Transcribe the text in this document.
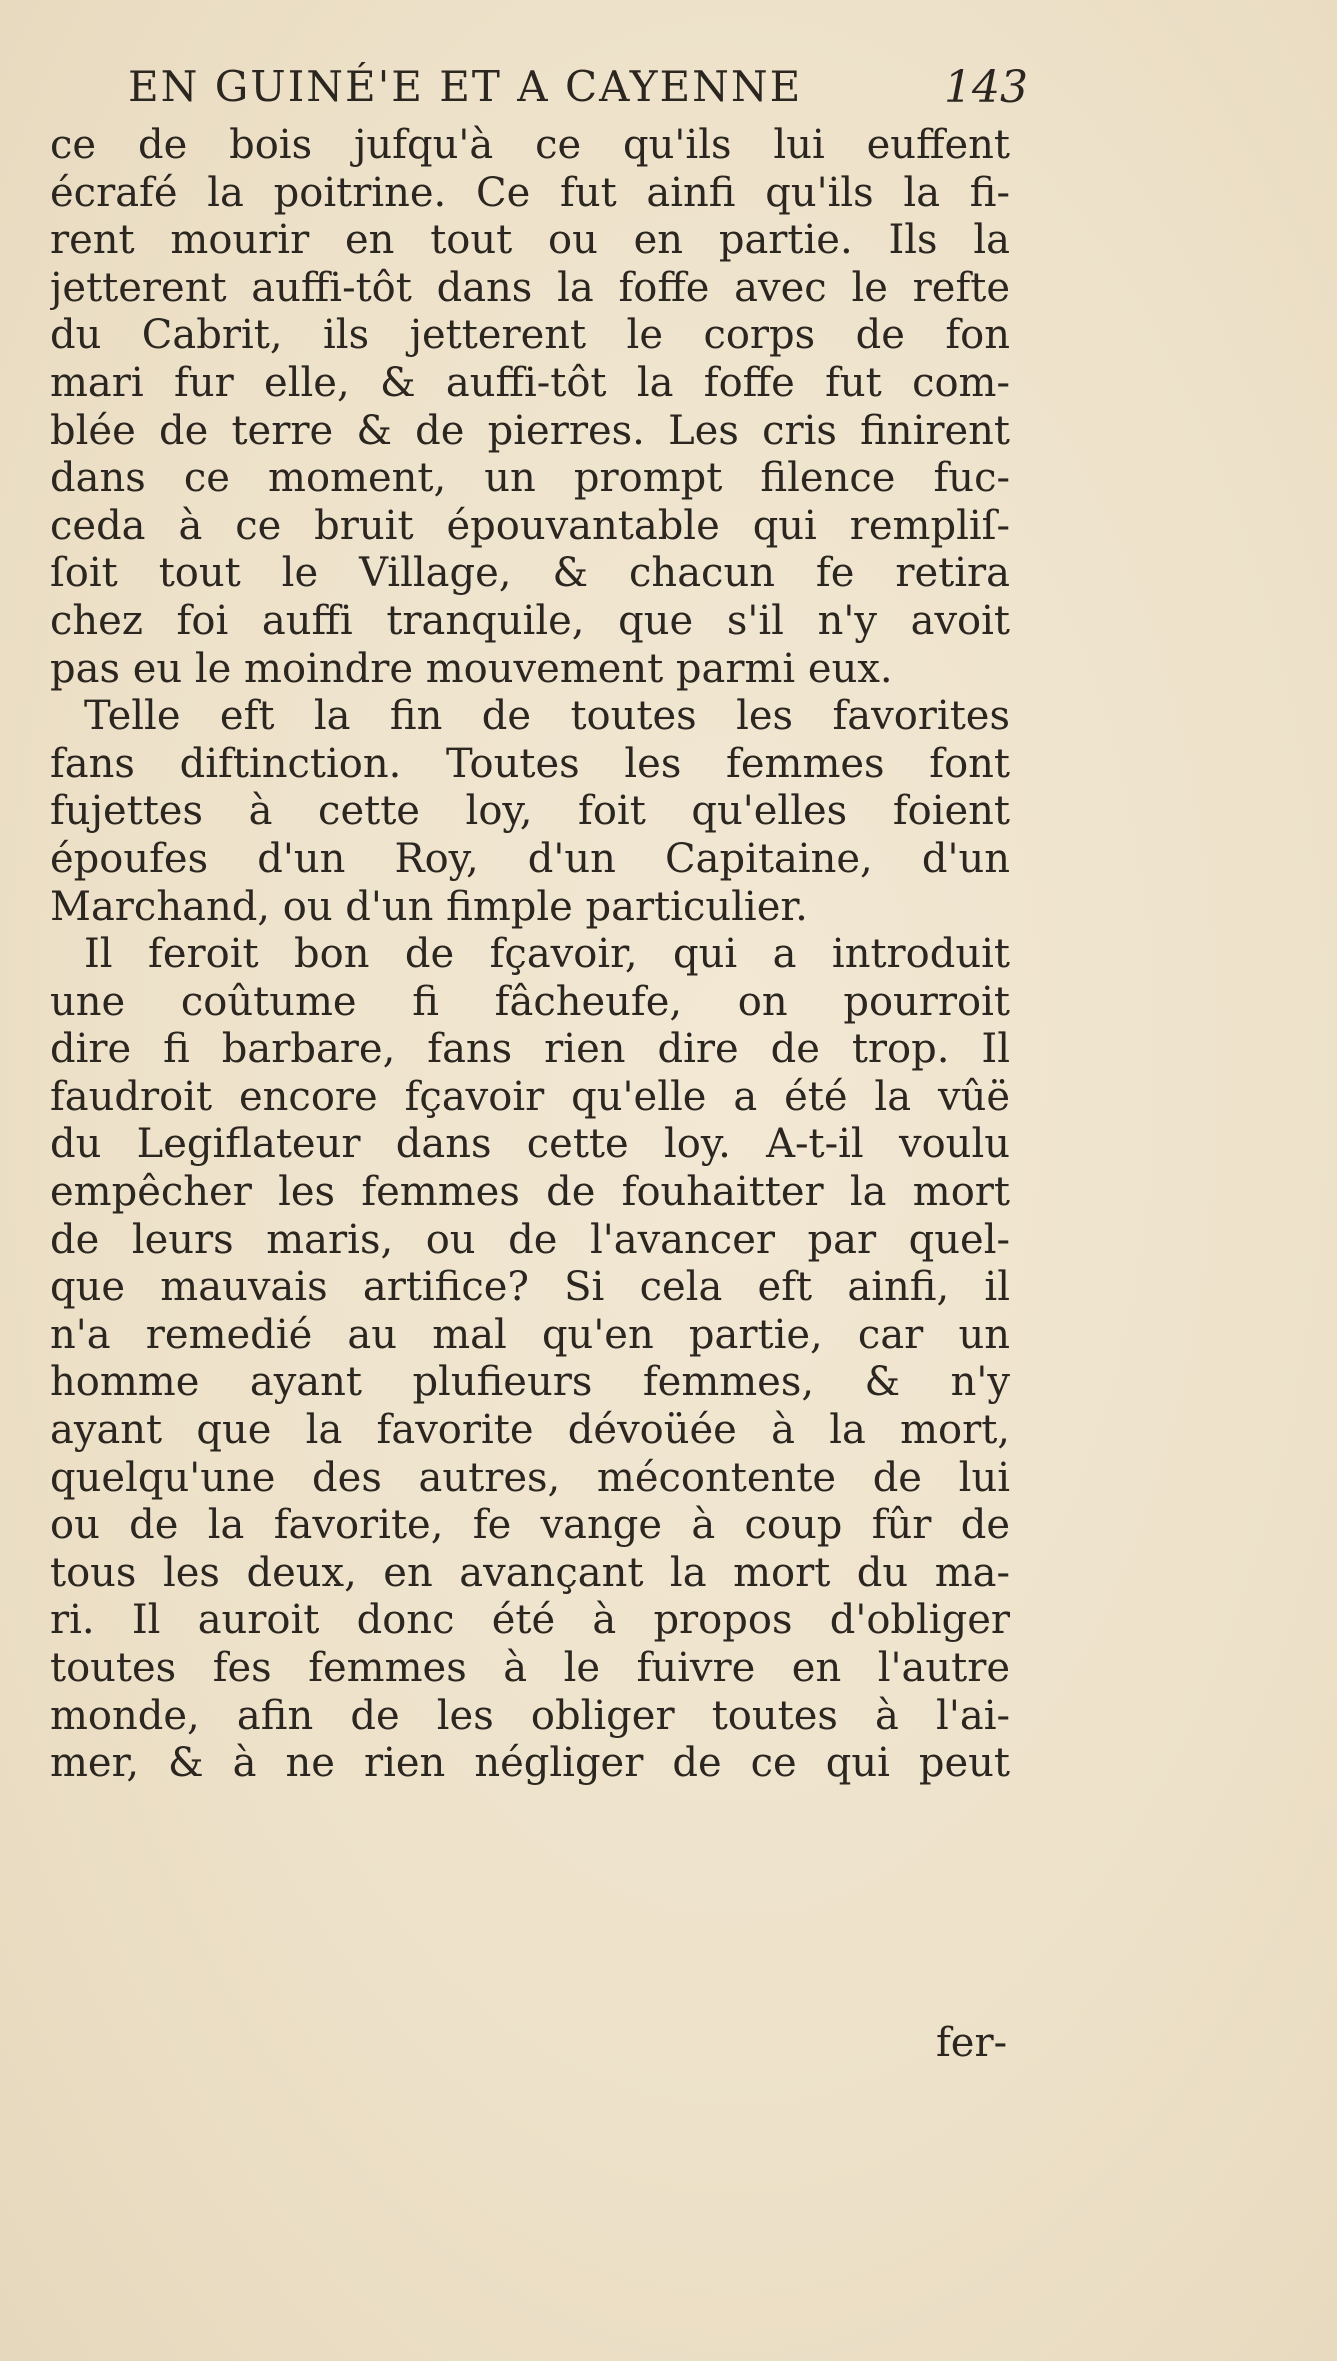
EN GUINÉ'E ET A CAYENNE	143
ce de bois jufqu'à ce qu'ils lui euffent
écrafé la poitrine. Ce fut ainfi qu'ils la fi-
rent mourir en tout ou en partie. Ils la
jetterent auffi-tôt dans la foffe avec le refte
du Cabrit, ils jetterent le corps de fon
mari fur elle, & auffi-tôt la foffe fut com-
blée de terre & de pierres. Les cris finirent
dans ce moment, un prompt filence fuc-
ceda à ce bruit épouvantable qui rempliſ-
ſoit tout le Village, & chacun fe retira
chez foi auffi tranquile, que s'il n'y avoit
pas eu le moindre mouvement parmi eux.
Telle eft la fin de toutes les favorites
fans diftinction. Toutes les femmes font
fujettes à cette loy, foit qu'elles foient
époufes d'un Roy, d'un Capitaine, d'un
Marchand, ou d'un fimple particulier.
Il feroit bon de fçavoir, qui a introduit
une coûtume fi fâcheufe, on pourroit
dire fi barbare, fans rien dire de trop. Il
faudroit encore fçavoir qu'elle a été la vûë
du Legiflateur dans cette loy. A-t-il voulu
empêcher les femmes de fouhaitter la mort
de leurs maris, ou de l'avancer par quel-
que mauvais artifice? Si cela eft ainfi, il
n'a remedié au mal qu'en partie, car un
homme ayant plufieurs femmes, & n'y
ayant que la favorite dévoüée à la mort,
quelqu'une des autres, mécontente de lui
ou de la favorite, fe vange à coup fûr de
tous les deux, en avançant la mort du ma-
ri. Il auroit donc été à propos d'obliger
toutes fes femmes à le fuivre en l'autre
monde, afin de les obliger toutes à l'ai-
mer, & à ne rien négliger de ce qui peut
fer-
